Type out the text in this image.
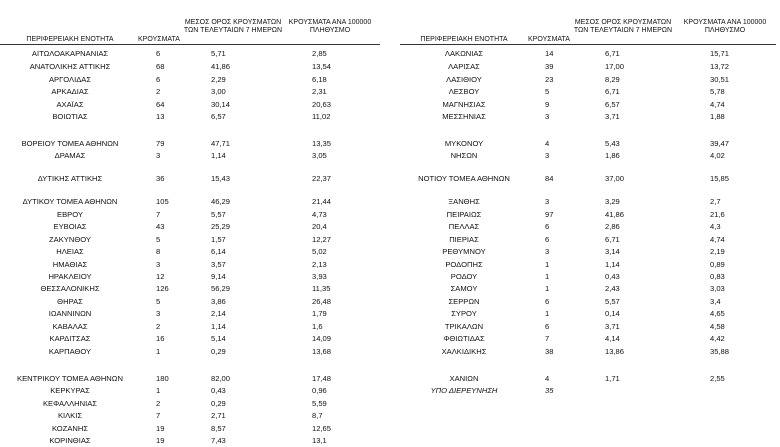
ΠΕΡΙΦΕΡΕΙΑΚΗ ΕΝΟΤΗΤΑ	ΚΡΟΥΣΜΑΤΑ
ΜΕΣΟΣ ΟΡΟΣ ΚΡΟΥΣΜΑΤΩΝ
ΤΩΝ ΤΕΛΕΥΤΑΙΩΝ 7 ΗΜΕΡΩΝ
ΚΡΟΥΣΜΑΤΑ ΑΝΑ 100000
ΠΛΗΘΥΣΜΟ
ΑΙΤΩΛΟΑΚΑΡΝΑΝΙΑΣ	6	5,71	2,85
ΑΝΑΤΟΛΙΚΗΣ ΑΤΤΙΚΗΣ	68	41,86	13,54
ΑΡΓΟΛΙΔΑΣ	6	2,29	6,18
ΑΡΚΑΔΙΑΣ	2	3,00	2,31
ΑΧΑΪΑΣ	64	30,14	20,63
ΒΟΙΩΤΙΑΣ	13	6,57	11,02
ΒΟΡΕΙΟΥ ΤΟΜΕΑ ΑΘΗΝΩΝ	79	47,71	13,35
ΔΡΑΜΑΣ	3	1,14	3,05
ΔΥΤΙΚΗΣ ΑΤΤΙΚΗΣ	36	15,43	22,37
ΔΥΤΙΚΟΥ ΤΟΜΕΑ ΑΘΗΝΩΝ	105	46,29	21,44
ΕΒΡΟΥ	7	5,57	4,73
ΕΥΒΟΙΑΣ	43	25,29	20,4
ΖΑΚΥΝΘΟΥ	5	1,57	12,27
ΗΛΕΙΑΣ	8	6,14	5,02
ΗΜΑΘΙΑΣ	3	3,57	2,13
ΗΡΑΚΛΕΙΟΥ	12	9,14	3,93
ΘΕΣΣΑΛΟΝΙΚΗΣ	126	56,29	11,35
ΘΗΡΑΣ	5	3,86	26,48
ΙΩΑΝΝΙΝΩΝ	3	2,14	1,79
ΚΑΒΑΛΑΣ	2	1,14	1,6
ΚΑΡΔΙΤΣΑΣ	16	5,14	14,09
ΚΑΡΠΑΘΟΥ	1	0,29	13,68
ΚΕΝΤΡΙΚΟΥ ΤΟΜΕΑ ΑΘΗΝΩΝ	180	82,00	17,48
ΚΕΡΚΥΡΑΣ	1	0,43	0,96
ΚΕΦΑΛΛΗΝΙΑΣ	2	0,29	5,59
ΚΙΛΚΙΣ	7	2,71	8,7
ΚΟΖΑΝΗΣ	19	8,57	12,65
ΚΟΡΙΝΘΙΑΣ	19	7,43	13,1
ΠΕΡΙΦΕΡΕΙΑΚΗ ΕΝΟΤΗΤΑ	ΚΡΟΥΣΜΑΤΑ
ΜΕΣΟΣ ΟΡΟΣ ΚΡΟΥΣΜΑΤΩΝ
ΤΩΝ ΤΕΛΕΥΤΑΙΩΝ 7 ΗΜΕΡΩΝ
ΚΡΟΥΣΜΑΤΑ ΑΝΑ 100000
ΠΛΗΘΥΣΜΟ
ΛΑΚΩΝΙΑΣ	14	6,71	15,71
ΛΑΡΙΣΑΣ	39	17,00	13,72
ΛΑΣΙΘΙΟΥ	23	8,29	30,51
ΛΕΣΒΟΥ	5	6,71	5,78
ΜΑΓΝΗΣΙΑΣ	9	6,57	4,74
ΜΕΣΣΗΝΙΑΣ	3	3,71	1,88
ΜΥΚΟΝΟΥ	4	5,43	39,47
ΝΗΣΩΝ	3	1,86	4,02
ΝΟΤΙΟΥ ΤΟΜΕΑ ΑΘΗΝΩΝ	84	37,00	15,85
ΞΑΝΘΗΣ	3	3,29	2,7
ΠΕΙΡΑΙΩΣ	97	41,86	21,6
ΠΕΛΛΑΣ	6	2,86	4,3
ΠΙΕΡΙΑΣ	6	6,71	4,74
ΡΕΘΥΜΝΟΥ	3	3,14	2,19
ΡΟΔΟΠΗΣ	1	1,14	0,89
ΡΟΔΟΥ	1	0,43	0,83
ΣΑΜΟΥ	1	2,43	3,03
ΣΕΡΡΩΝ	6	5,57	3,4
ΣΥΡΟΥ	1	0,14	4,65
ΤΡΙΚΑΛΩΝ	6	3,71	4,58
ΦΘΙΩΤΙΔΑΣ	7	4,14	4,42
ΧΑΛΚΙΔΙΚΗΣ	38	13,86	35,88
ΧΑΝΙΩΝ	4	1,71	2,55
ΥΠΟ ΔΙΕΡΕΥΝΗΣΗ	35
